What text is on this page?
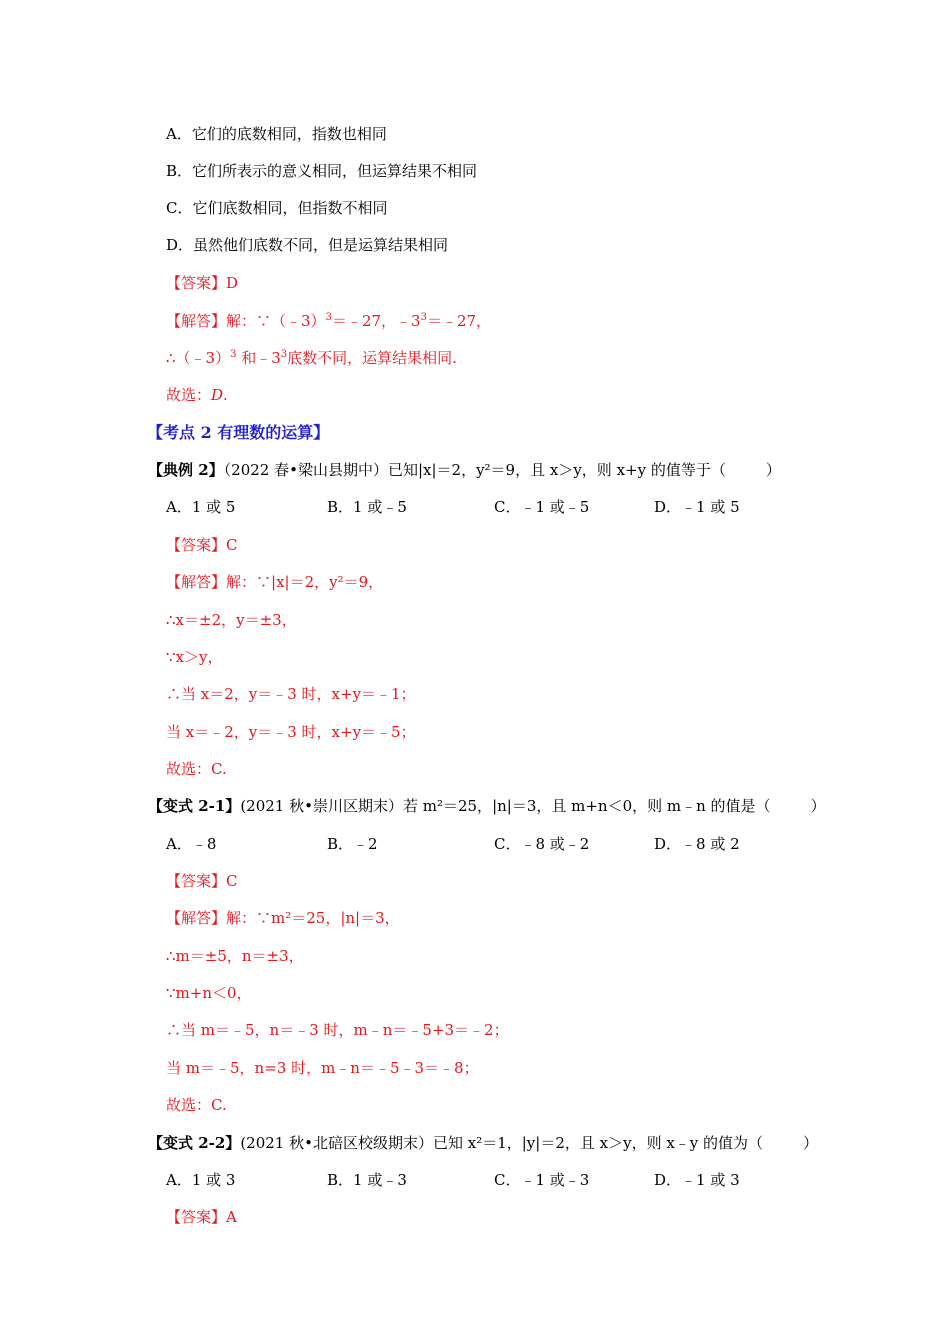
A．它们的底数相同，指数也相同
B．它们所表示的意义相同，但运算结果不相同
C．它们底数相同，但指数不相同
D．虽然他们底数不同，但是运算结果相同
【答案】D
【解答】解：∵（﹣3）$^3$＝﹣27，$﹣3^3=﹣27$，
∴（﹣3）$^3$ 和$﹣3^3$底数不同，运算结果相同.
故选：D.
【考点 2 有理数的运算】
【典例 2】（2022 春•梁山县期中）已知|x|＝2，y²＝9，且 x＞y，则 x+y 的值等于（	）
A．1 或 5	B．1 或﹣5	C．﹣1 或﹣5	D．﹣1 或 5
【答案】C
【解答】解：∵|x|＝2，y²＝9，
∴x＝±2，y＝±3，
∵x＞y，
∴当 x＝2，y＝﹣3 时，x+y＝﹣1；
当 x＝﹣2，y＝﹣3 时，x+y＝﹣5；
故选：C.
【变式 2-1】(2021 秋•崇川区期末）若 m²＝25，|n|＝3，且 m+n＜0，则 m﹣n 的值是（	）
A．﹣8	B．﹣2	C．﹣8 或﹣2	D．﹣8 或 2
【答案】C
【解答】解：∵m²＝25，|n|＝3，
∴m＝±5，n＝±3，
∵m+n＜0，
∴当 m＝﹣5，n＝﹣3 时，m﹣n＝﹣5+3＝﹣2；
当 m＝﹣5，n=3 时，m﹣n＝﹣5﹣3＝﹣8；
故选：C.
【变式 2-2】(2021 秋•北碚区校级期末）已知 x²＝1，|y|＝2，且 x＞y，则 x﹣y 的值为（	）
A．1 或 3	B．1 或﹣3	C．﹣1 或﹣3	D．﹣1 或 3
【答案】A
